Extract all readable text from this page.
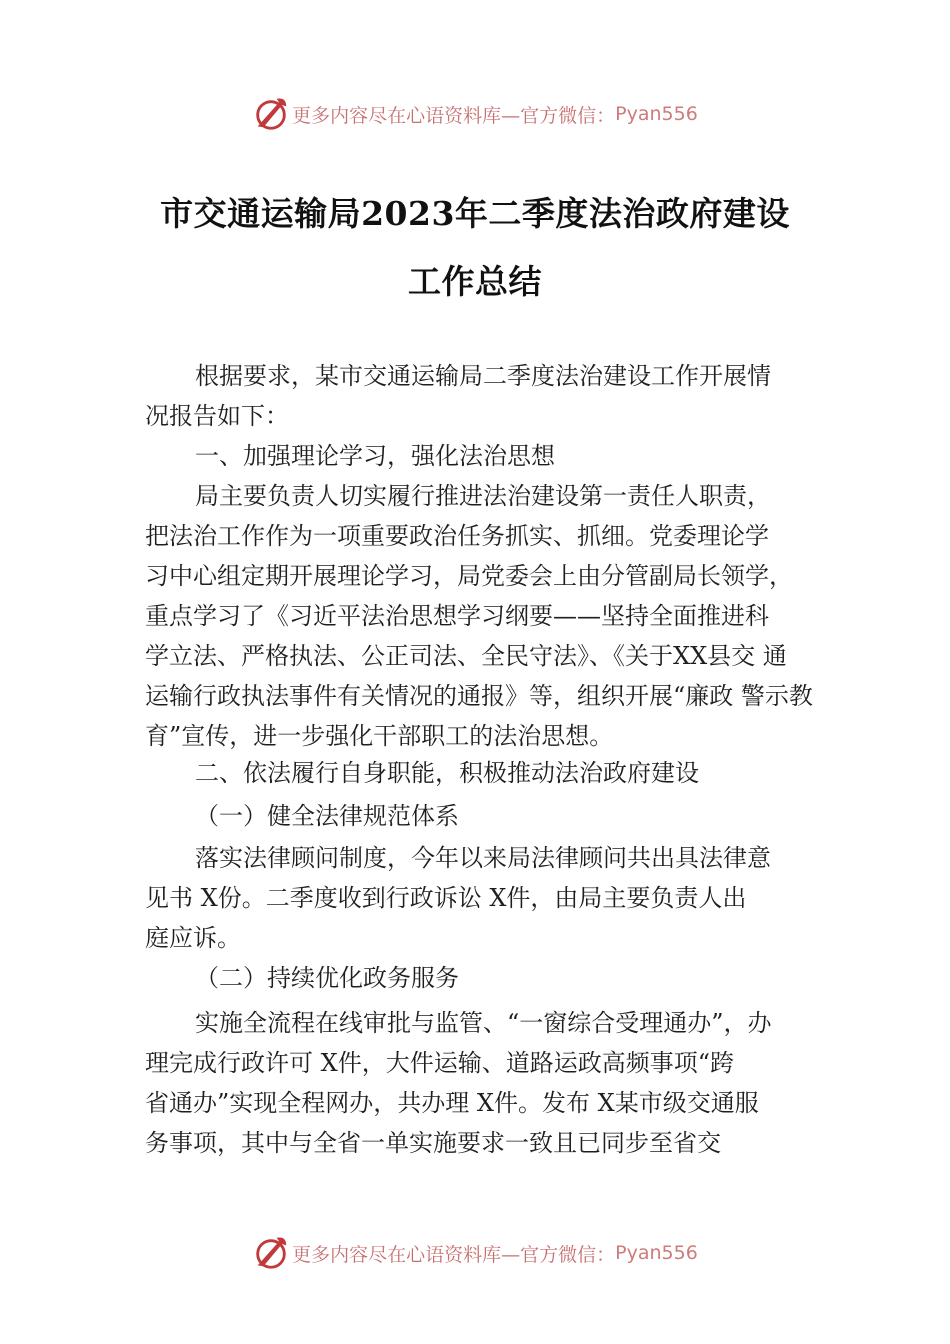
更多内容尽在心语资料库—官方微信： Pyan556
市交通运输局2023年二季度法治政府建设
工作总结
根据要求，某市交通运输局二季度法治建设工作开展情
况报告如下：
一、加强理论学习，强化法治思想
局主要负责人切实履行推进法治建设第一责任人职责，
把法治工作作为一项重要政治任务抓实、抓细。党委理论学
习中心组定期开展理论学习，局党委会上由分管副局长领学，
重点学习了《习近平法治思想学习纲要——坚持全面推进科
学立法、严格执法、公正司法、全民守法》、《关于XX县交 通
运输行政执法事件有关情况的通报》等，组织开展“廉政 警示教
育”宣传，进一步强化干部职工的法治思想。
二、依法履行自身职能，积极推动法治政府建设
（一）健全法律规范体系
落实法律顾问制度，今年以来局法律顾问共出具法律意
见书 X份。二季度收到行政诉讼 X件，由局主要负责人出
庭应诉。
（二）持续优化政务服务
实施全流程在线审批与监管、“一窗综合受理通办”，办
理完成行政许可 X件，大件运输、道路运政高频事项“跨
省通办”实现全程网办，共办理 X件。发布 X某市级交通服
务事项，其中与全省一单实施要求一致且已同步至省交
更多内容尽在心语资料库—官方微信： Pyan556
